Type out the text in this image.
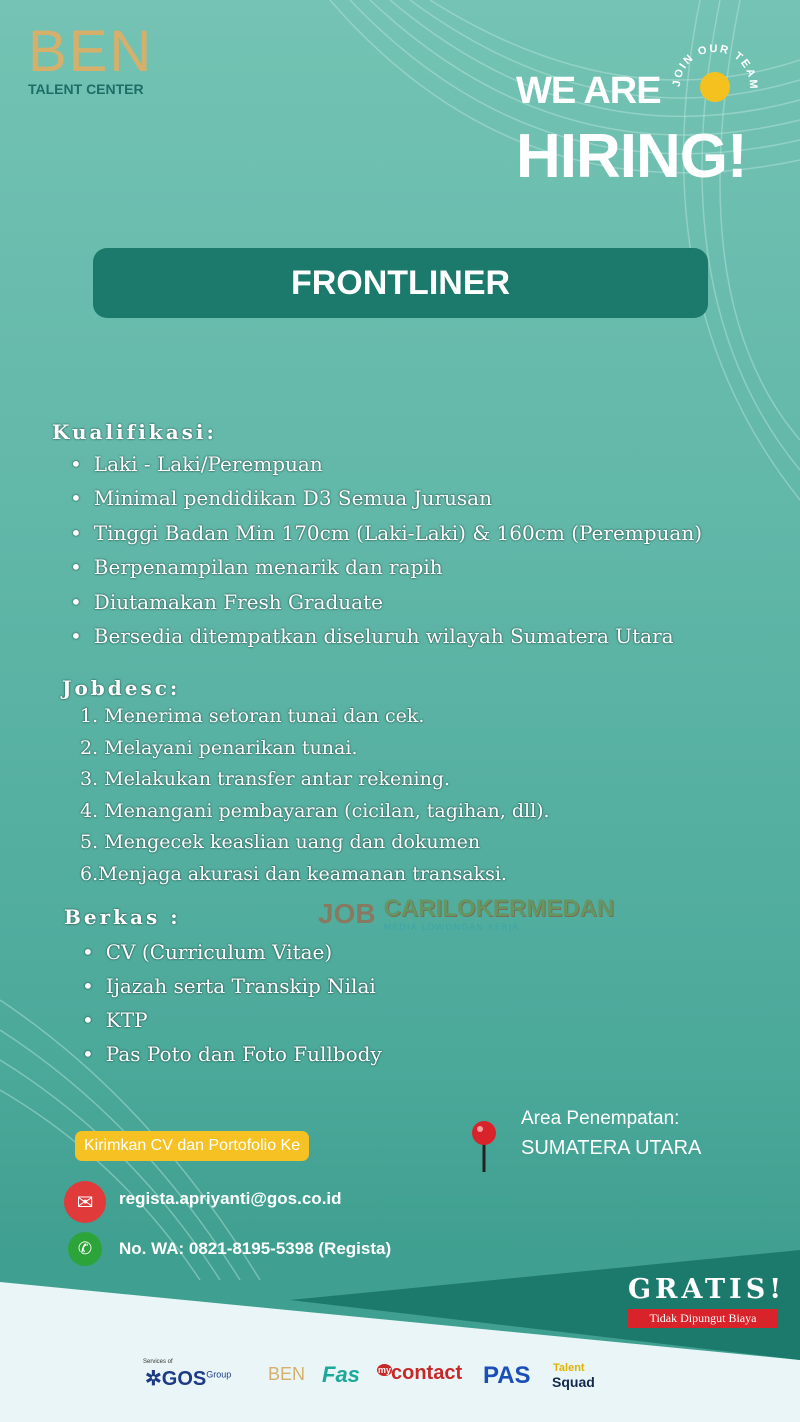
BEN
TALENT CENTER	JOIN OUR TEAM
WE ARE
HIRING!
FRONTLINER
Kualifikasi:
• Laki - Laki/Perempuan
• Minimal pendidikan D3 Semua Jurusan
• Tinggi Badan Min 170cm (Laki-Laki) & 160cm (Perempuan)
• Berpenampilan menarik dan rapih
• Diutamakan Fresh Graduate
• Bersedia ditempatkan diseluruh wilayah Sumatera Utara
Jobdesc:
1. Menerima setoran tunai dan cek.
2. Melayani penarikan tunai.
3. Melakukan transfer antar rekening.
4. Menangani pembayaran (cicilan, tagihan, dll).
5. Mengecek keaslian uang dan dokumen
6.Menjaga akurasi dan keamanan transaksi.
Berkas :
• CV (Curriculum Vitae)
• Ijazah serta Transkip Nilai
• KTP
• Pas Poto dan Foto Fullbody
JOB CARILOKERMEDAN
MEDIA LOWONGAN KERJA
Kirimkan CV dan Portofolio Ke
✉	regista.apriyanti@gos.co.id
✆	No. WA: 0821-8195-5398 (Regista)
Area Penempatan:
SUMATERA UTARA
GRATIS!
Tidak Dipungut Biaya
Services of
$✲GOS^{Group}$ BEN Fas my contact PAS Talent
Squad
